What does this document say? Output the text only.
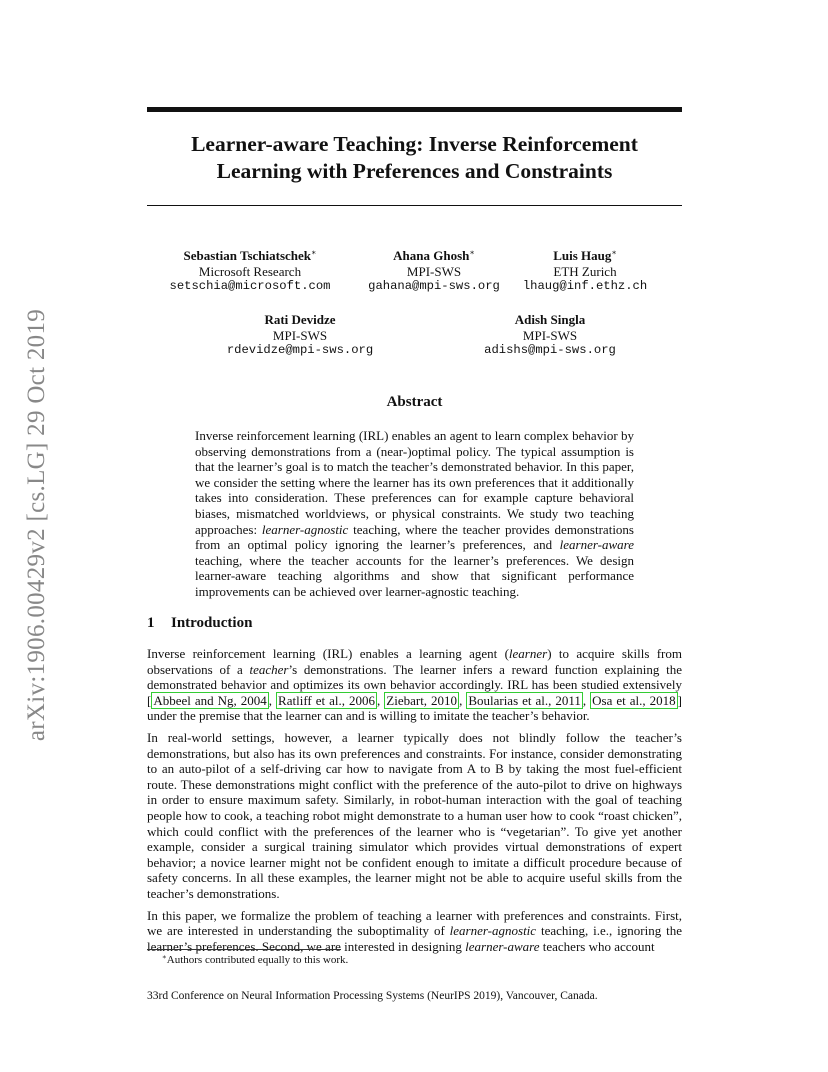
arXiv:1906.00429v2 [cs.LG] 29 Oct 2019
Learner-aware Teaching: Inverse Reinforcement
Learning with Preferences and Constraints
Sebastian Tschiatschek∗
Microsoft Research
setschia@microsoft.com
Ahana Ghosh∗
MPI-SWS
gahana@mpi-sws.org
Luis Haug∗
ETH Zurich
lhaug@inf.ethz.ch
Rati Devidze
MPI-SWS
rdevidze@mpi-sws.org
Adish Singla
MPI-SWS
adishs@mpi-sws.org
Abstract

Inverse reinforcement learning (IRL) enables an agent to learn complex behavior by observing demonstrations from a (near-)optimal policy. The typical assumption is that the learner’s goal is to match the teacher’s demonstrated behavior. In this paper, we consider the setting where the learner has its own preferences that it additionally takes into consideration. These preferences can for example capture behavioral biases, mismatched worldviews, or physical constraints. We study two teaching approaches: learner-agnostic teaching, where the teacher provides demonstrations from an optimal policy ignoring the learner’s preferences, and learner-aware teaching, where the teacher accounts for the learner’s preferences. We design learner-aware teaching algorithms and show that significant performance improvements can be achieved over learner-agnostic teaching.

1 Introduction

Inverse reinforcement learning (IRL) enables a learning agent (learner) to acquire skills from observations of a teacher’s demonstrations. The learner infers a reward function explaining the demonstrated behavior and optimizes its own behavior accordingly. IRL has been studied extensively [ Abbeel and Ng, 2004 , Ratliff et al., 2006 , Ziebart, 2010 , Boularias et al., 2011 , Osa et al., 2018 ] under the premise that the learner can and is willing to imitate the teacher’s behavior.

In real-world settings, however, a learner typically does not blindly follow the teacher’s demonstrations, but also has its own preferences and constraints. For instance, consider demonstrating to an auto-pilot of a self-driving car how to navigate from A to B by taking the most fuel-efficient route. These demonstrations might conflict with the preference of the auto-pilot to drive on highways in order to ensure maximum safety. Similarly, in robot-human interaction with the goal of teaching people how to cook, a teaching robot might demonstrate to a human user how to cook “roast chicken”, which could conflict with the preferences of the learner who is “vegetarian”. To give yet another example, consider a surgical training simulator which provides virtual demonstrations of expert behavior; a novice learner might not be confident enough to imitate a difficult procedure because of safety concerns. In all these examples, the learner might not be able to acquire useful skills from the teacher’s demonstrations.

In this paper, we formalize the problem of teaching a learner with preferences and constraints. First, we are interested in understanding the suboptimality of learner-agnostic teaching, i.e., ignoring the learner’s preferences. Second, we are interested in designing learner-aware teachers who account

∗Authors contributed equally to this work.
33rd Conference on Neural Information Processing Systems (NeurIPS 2019), Vancouver, Canada.
